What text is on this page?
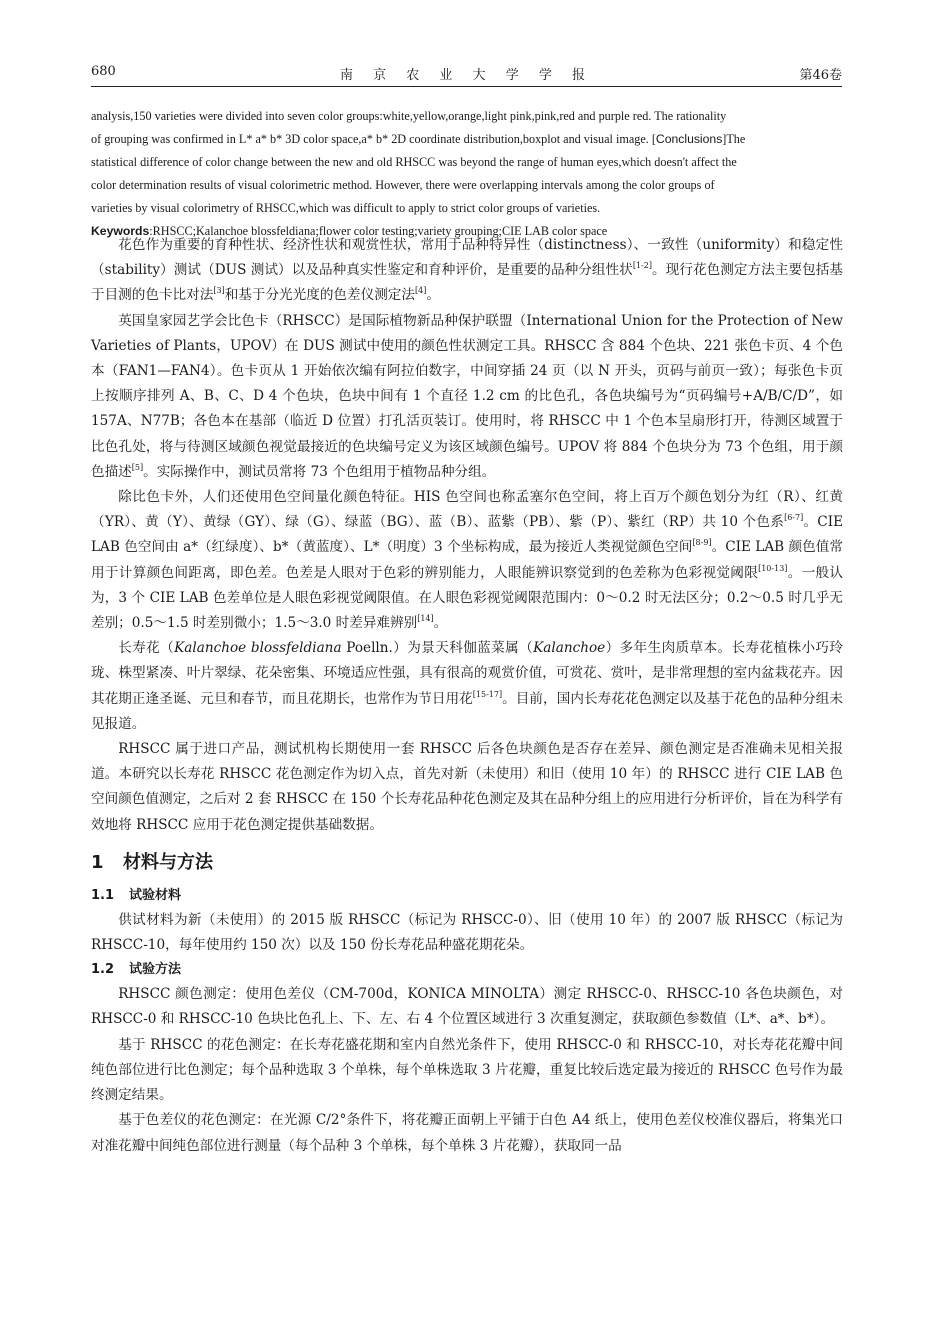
680	南 京 农 业 大 学 学 报	第46卷

analysis,150 varieties were divided into seven color groups:white,yellow,orange,light pink,pink,red and purple red. The rationality

of grouping was confirmed in L* a* b* 3D color space,a* b* 2D coordinate distribution,boxplot and visual image. [Conclusions]The

statistical difference of color change between the new and old RHSCC was beyond the range of human eyes,which doesn't affect the

color determination results of visual colorimetric method. However, there were overlapping intervals among the color groups of

varieties by visual colorimetry of RHSCC,which was difficult to apply to strict color groups of varieties.

Keywords:RHSCC;Kalanchoe blossfeldiana;flower color testing;variety grouping;CIE LAB color space

花色作为重要的育种性状、经济性状和观赏性状，常用于品种特异性（distinctness）、一致性（uniformity）和稳定性（stability）测试（DUS 测试）以及品种真实性鉴定和育种评价，是重要的品种分组性状[1-2]。现行花色测定方法主要包括基于目测的色卡比对法[3]和基于分光光度的色差仪测定法[4]。

英国皇家园艺学会比色卡（RHSCC）是国际植物新品种保护联盟（International Union for the Protection of New Varieties of Plants，UPOV）在 DUS 测试中使用的颜色性状测定工具。RHSCC 含 884 个色块、221 张色卡页、4 个色本（FAN1—FAN4）。色卡页从 1 开始依次编有阿拉伯数字，中间穿插 24 页（以 N 开头，页码与前页一致）；每张色卡页上按顺序排列 A、B、C、D 4 个色块，色块中间有 1 个直径 1.2 cm 的比色孔，各色块编号为“页码编号+A/B/C/D”，如 157A、N77B；各色本在基部（临近 D 位置）打孔活页装订。使用时，将 RHSCC 中 1 个色本呈扇形打开，待测区域置于比色孔处，将与待测区域颜色视觉最接近的色块编号定义为该区域颜色编号。UPOV 将 884 个色块分为 73 个色组，用于颜色描述[5]。实际操作中，测试员常将 73 个色组用于植物品种分组。

除比色卡外，人们还使用色空间量化颜色特征。HIS 色空间也称孟塞尔色空间，将上百万个颜色划分为红（R）、红黄（YR）、黄（Y）、黄绿（GY）、绿（G）、绿蓝（BG）、蓝（B）、蓝紫（PB）、紫（P）、紫红（RP）共 10 个色系[6-7]。CIE LAB 色空间由 a*（红绿度）、b*（黄蓝度）、L*（明度）3 个坐标构成，最为接近人类视觉颜色空间[8-9]。CIE LAB 颜色值常用于计算颜色间距离，即色差。色差是人眼对于色彩的辨别能力，人眼能辨识察觉到的色差称为色彩视觉阈限[10-13]。一般认为，3 个 CIE LAB 色差单位是人眼色彩视觉阈限值。在人眼色彩视觉阈限范围内：0～0.2 时无法区分；0.2～0.5 时几乎无差别；0.5～1.5 时差别微小；1.5～3.0 时差异难辨别[14]。

长寿花（Kalanchoe blossfeldiana Poelln.）为景天科伽蓝菜属（Kalanchoe）多年生肉质草本。长寿花植株小巧玲珑、株型紧凑、叶片翠绿、花朵密集、环境适应性强，具有很高的观赏价值，可赏花、赏叶，是非常理想的室内盆栽花卉。因其花期正逢圣诞、元旦和春节，而且花期长，也常作为节日用花[15-17]。目前，国内长寿花花色测定以及基于花色的品种分组未见报道。

RHSCC 属于进口产品，测试机构长期使用一套 RHSCC 后各色块颜色是否存在差异、颜色测定是否准确未见相关报道。本研究以长寿花 RHSCC 花色测定作为切入点，首先对新（未使用）和旧（使用 10 年）的 RHSCC 进行 CIE LAB 色空间颜色值测定，之后对 2 套 RHSCC 在 150 个长寿花品种花色测定及其在品种分组上的应用进行分析评价，旨在为科学有效地将 RHSCC 应用于花色测定提供基础数据。

1 材料与方法
1.1 试验材料

供试材料为新（未使用）的 2015 版 RHSCC（标记为 RHSCC-0）、旧（使用 10 年）的 2007 版 RHSCC（标记为 RHSCC-10，每年使用约 150 次）以及 150 份长寿花品种盛花期花朵。

1.2 试验方法

RHSCC 颜色测定：使用色差仪（CM-700d，KONICA MINOLTA）测定 RHSCC-0、RHSCC-10 各色块颜色，对 RHSCC-0 和 RHSCC-10 色块比色孔上、下、左、右 4 个位置区域进行 3 次重复测定，获取颜色参数值（L*、a*、b*）。

基于 RHSCC 的花色测定：在长寿花盛花期和室内自然光条件下，使用 RHSCC-0 和 RHSCC-10，对长寿花花瓣中间纯色部位进行比色测定；每个品种选取 3 个单株，每个单株选取 3 片花瓣，重复比较后选定最为接近的 RHSCC 色号作为最终测定结果。

基于色差仪的花色测定：在光源 C/2°条件下，将花瓣正面朝上平铺于白色 A4 纸上，使用色差仪校准仪器后，将集光口对准花瓣中间纯色部位进行测量（每个品种 3 个单株，每个单株 3 片花瓣），获取同一品
